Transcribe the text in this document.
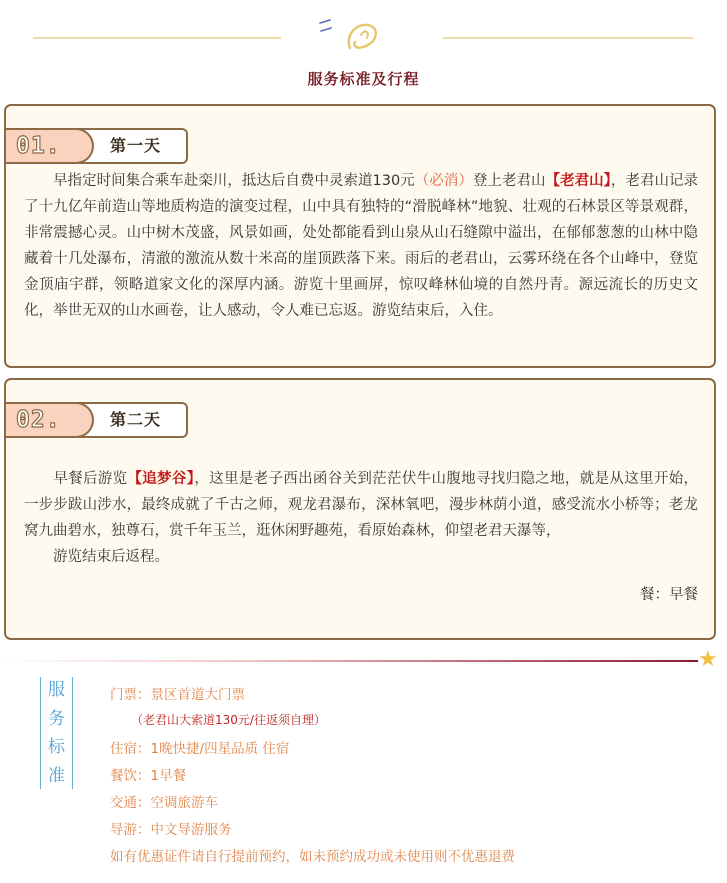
服务标准及行程
01.	第一天

早指定时间集合乘车赴栾川，抵达后自费中灵索道130元（必消）登上老君山【老君山】，老君山记录了十九亿年前造山等地质构造的演变过程，山中具有独特的“滑脱峰林”地貌、壮观的石林景区等景观群，非常震撼心灵。山中树木茂盛，风景如画，处处都能看到山泉从山石缝隙中溢出，在郁郁葱葱的山林中隐藏着十几处瀑布，清澈的激流从数十米高的崖顶跌落下来。雨后的老君山，云雾环绕在各个山峰中，登览金顶庙宇群，领略道家文化的深厚内涵。游览十里画屏，惊叹峰林仙境的自然丹青。源远流长的历史文化，举世无双的山水画卷，让人感动，令人难已忘返。游览结束后，入住。

02.	第二天

早餐后游览【追梦谷】，这里是老子西出函谷关到茫茫伏牛山腹地寻找归隐之地，就是从这里开始，一步步跋山涉水，最终成就了千古之师，观龙君瀑布，深林氧吧，漫步林荫小道，感受流水小桥等；老龙窝九曲碧水，独尊石，赏千年玉兰，逛休闲野趣苑，看原始森林，仰望老君天瀑等，

游览结束后返程。

餐：早餐

★
服
务
标
准
门票：景区首道大门票
（老君山大索道130元/往返须自理）
住宿：1晚快捷/四星品质 住宿
餐饮：1早餐
交通：空调旅游车
导游：中文导游服务
如有优惠证件请自行提前预约，如未预约成功或未使用则不优惠退费
